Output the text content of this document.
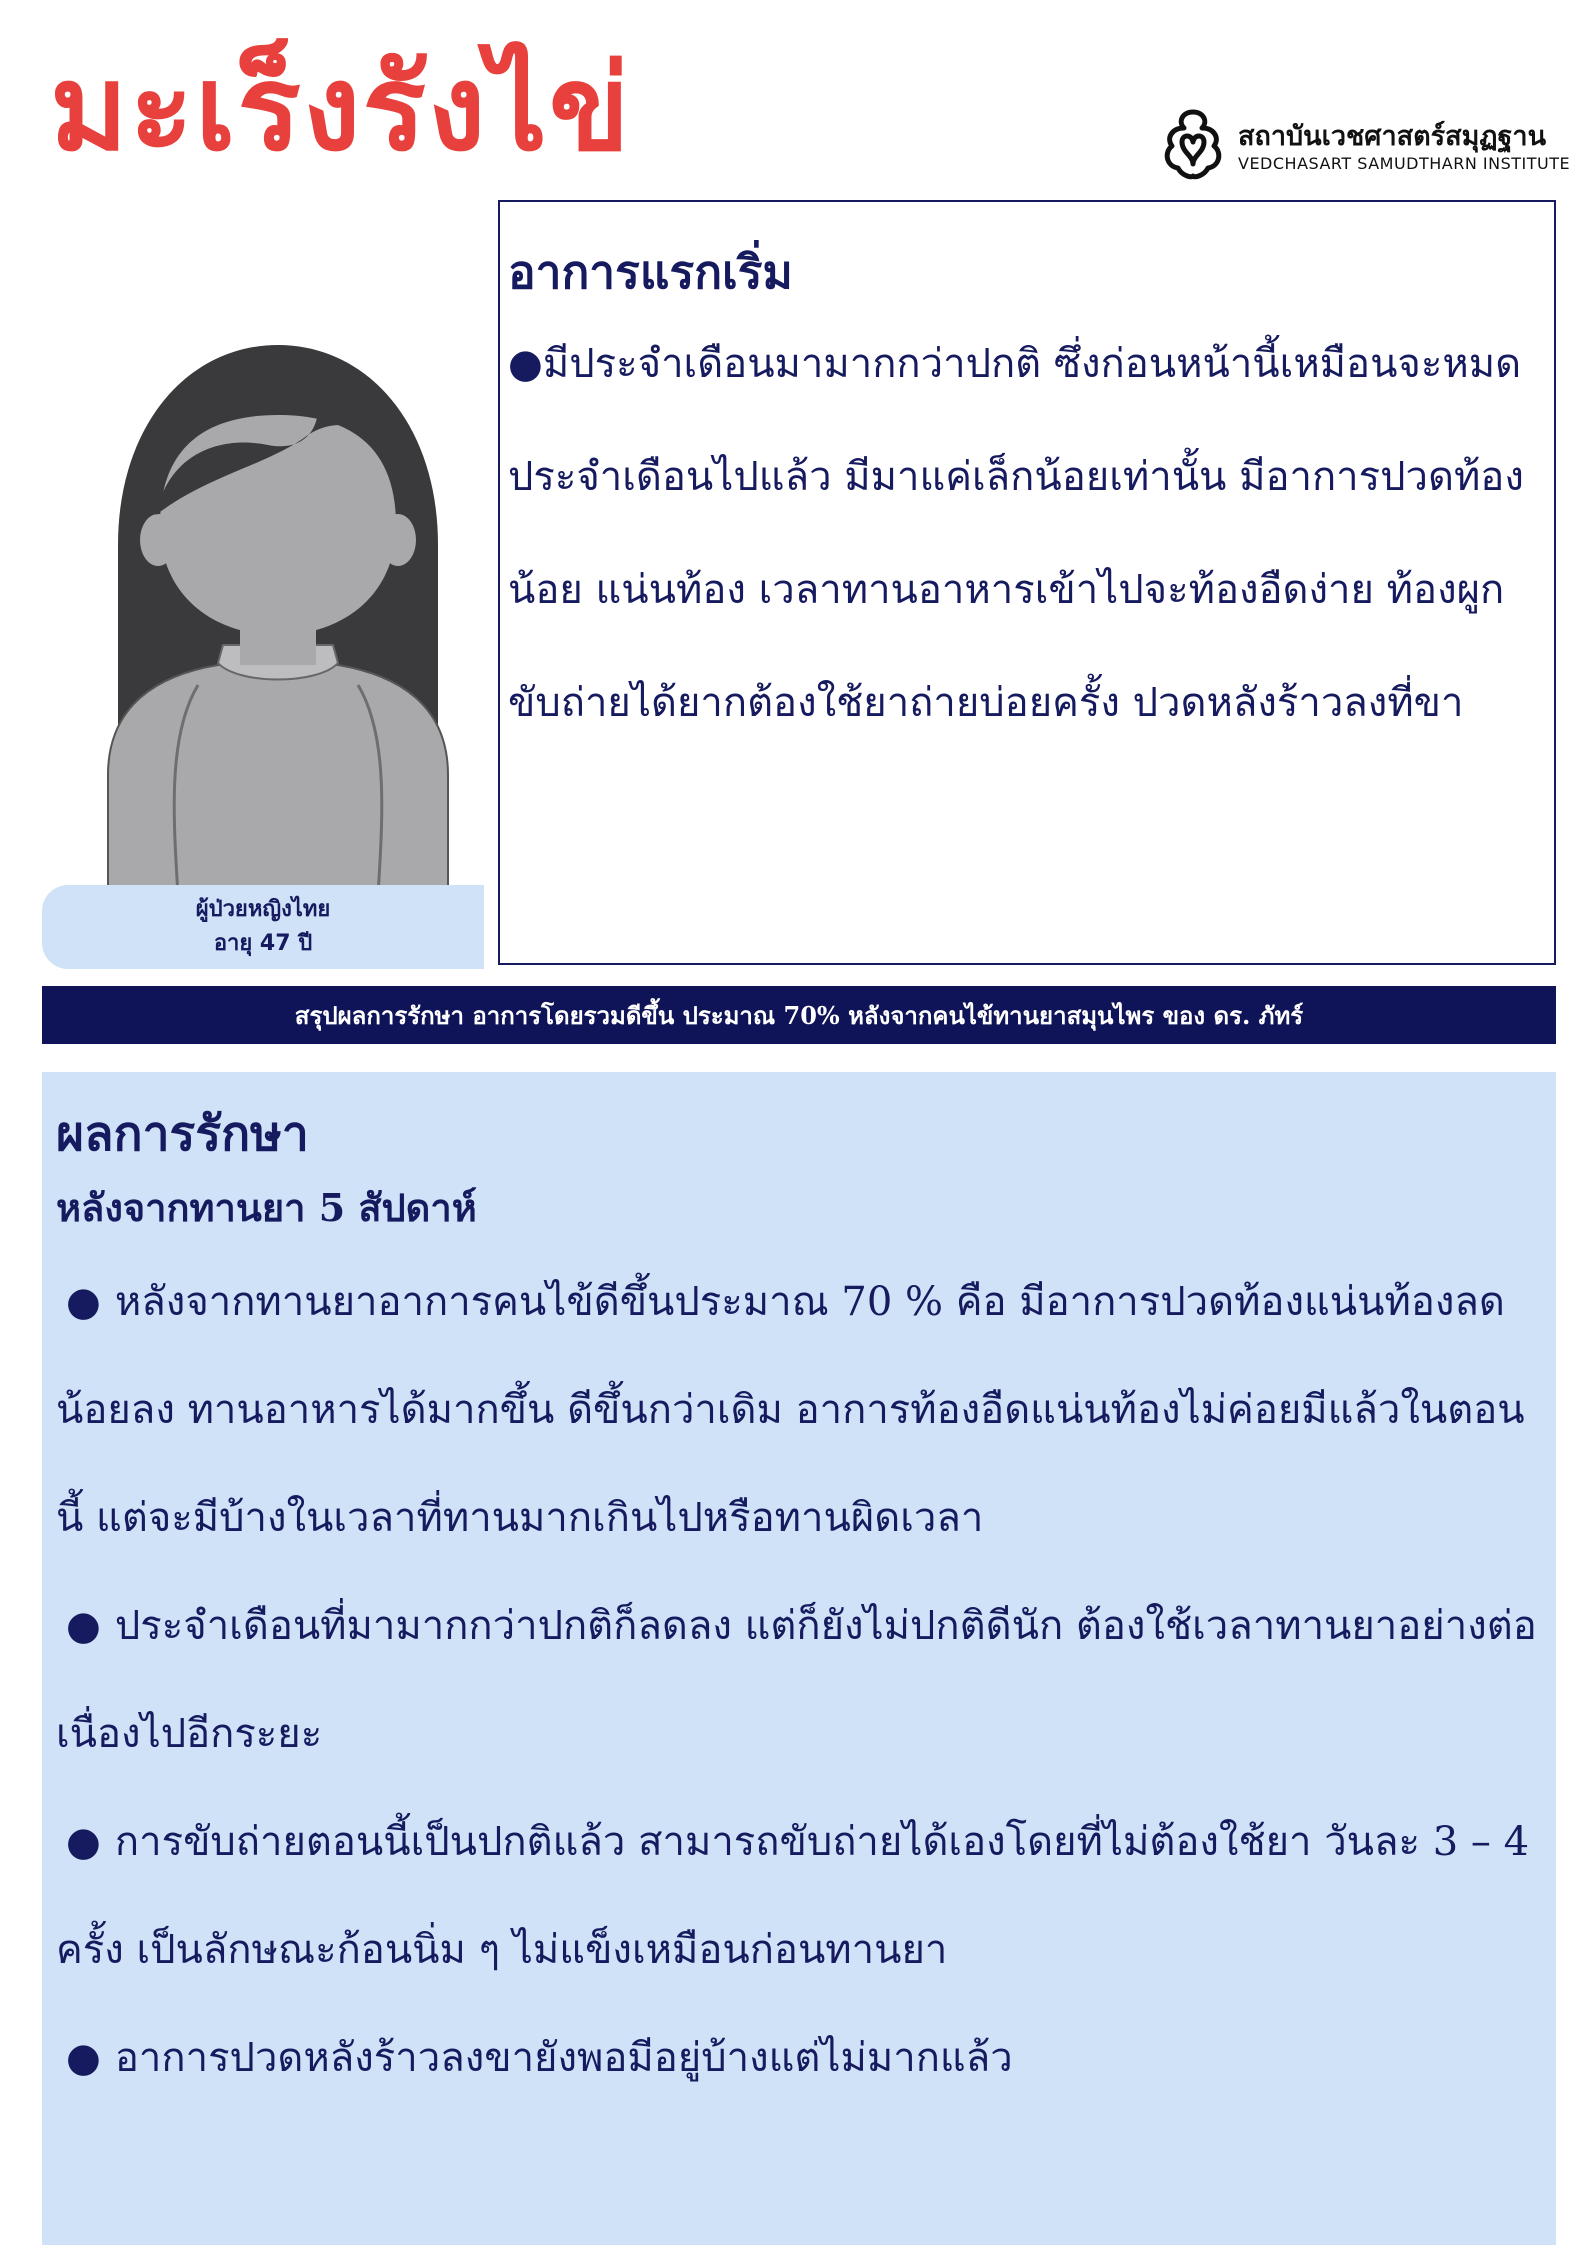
มะเร็งรังไข่	สถาบันเวชศาสตร์สมุฏฐาน
VEDCHASART SAMUDTHARN INSTITUTE
ผู้ป่วยหญิงไทย
อายุ 47 ปี

อาการแรกเริ่ม

●มีประจำเดือนมามากกว่าปกติ ซึ่งก่อนหน้านี้เหมือนจะหมดประจำเดือนไปแล้ว มีมาแค่เล็กน้อยเท่านั้น มีอาการปวดท้องน้อย แน่นท้อง เวลาทานอาหารเข้าไปจะท้องอืดง่าย ท้องผูก ขับถ่ายได้ยากต้องใช้ยาถ่ายบ่อยครั้ง ปวดหลังร้าวลงที่ขา

สรุปผลการรักษา อาการโดยรวมดีขึ้น ประมาณ 70% หลังจากคนไข้ทานยาสมุนไพร ของ ดร. ภัทร์

ผลการรักษา

หลังจากทานยา 5 สัปดาห์

● หลังจากทานยาอาการคนไข้ดีขึ้นประมาณ 70 % คือ มีอาการปวดท้องแน่นท้องลดน้อยลง ทานอาหารได้มากขึ้น ดีขึ้นกว่าเดิม อาการท้องอืดแน่นท้องไม่ค่อยมีแล้วในตอนนี้ แต่จะมีบ้างในเวลาที่ทานมากเกินไปหรือทานผิดเวลา

● ประจำเดือนที่มามากกว่าปกติก็ลดลง แต่ก็ยังไม่ปกติดีนัก ต้องใช้เวลาทานยาอย่างต่อเนื่องไปอีกระยะ

● การขับถ่ายตอนนี้เป็นปกติแล้ว สามารถขับถ่ายได้เองโดยที่ไม่ต้องใช้ยา วันละ 3 – 4 ครั้ง เป็นลักษณะก้อนนิ่ม ๆ ไม่แข็งเหมือนก่อนทานยา

● อาการปวดหลังร้าวลงขายังพอมีอยู่บ้างแต่ไม่มากแล้ว
